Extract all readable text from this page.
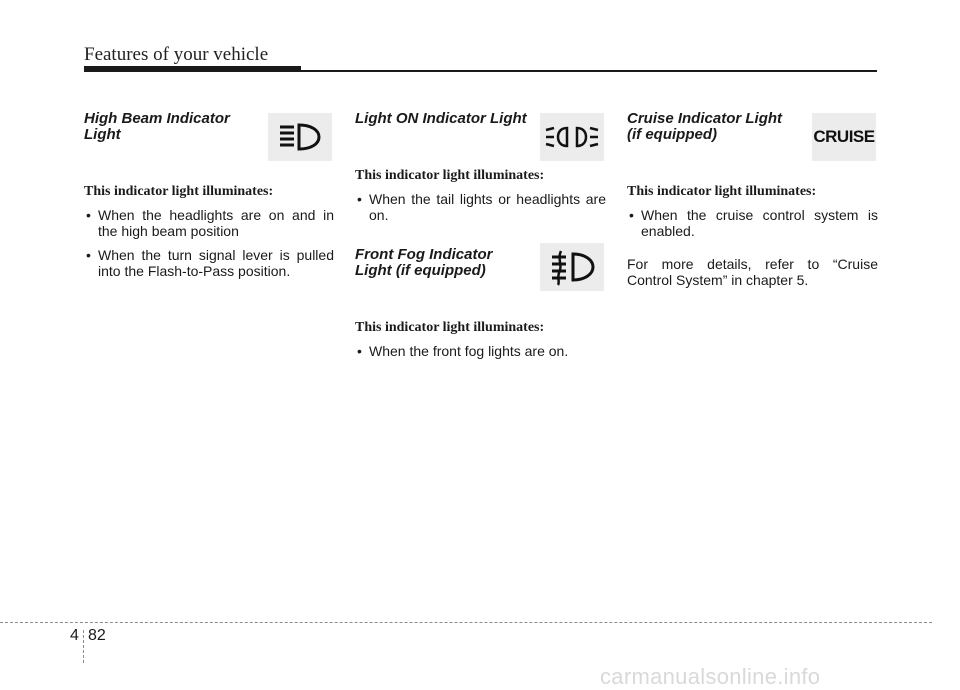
Features of your vehicle
High Beam Indicator Light
This indicator light illuminates:
• When the headlights are on and in the high beam position
• When the turn signal lever is pulled into the Flash-to-Pass position.
Light ON Indicator Light
This indicator light illuminates:
• When the tail lights or headlights are on.
Front Fog Indicator Light (if equipped)
This indicator light illuminates:
• When the front fog lights are on.
Cruise Indicator Light (if equipped)	CRUISE
This indicator light illuminates:
• When the cruise control system is enabled.
For more details, refer to “Cruise Control System” in chapter 5.
4 82
carmanualsonline.info
